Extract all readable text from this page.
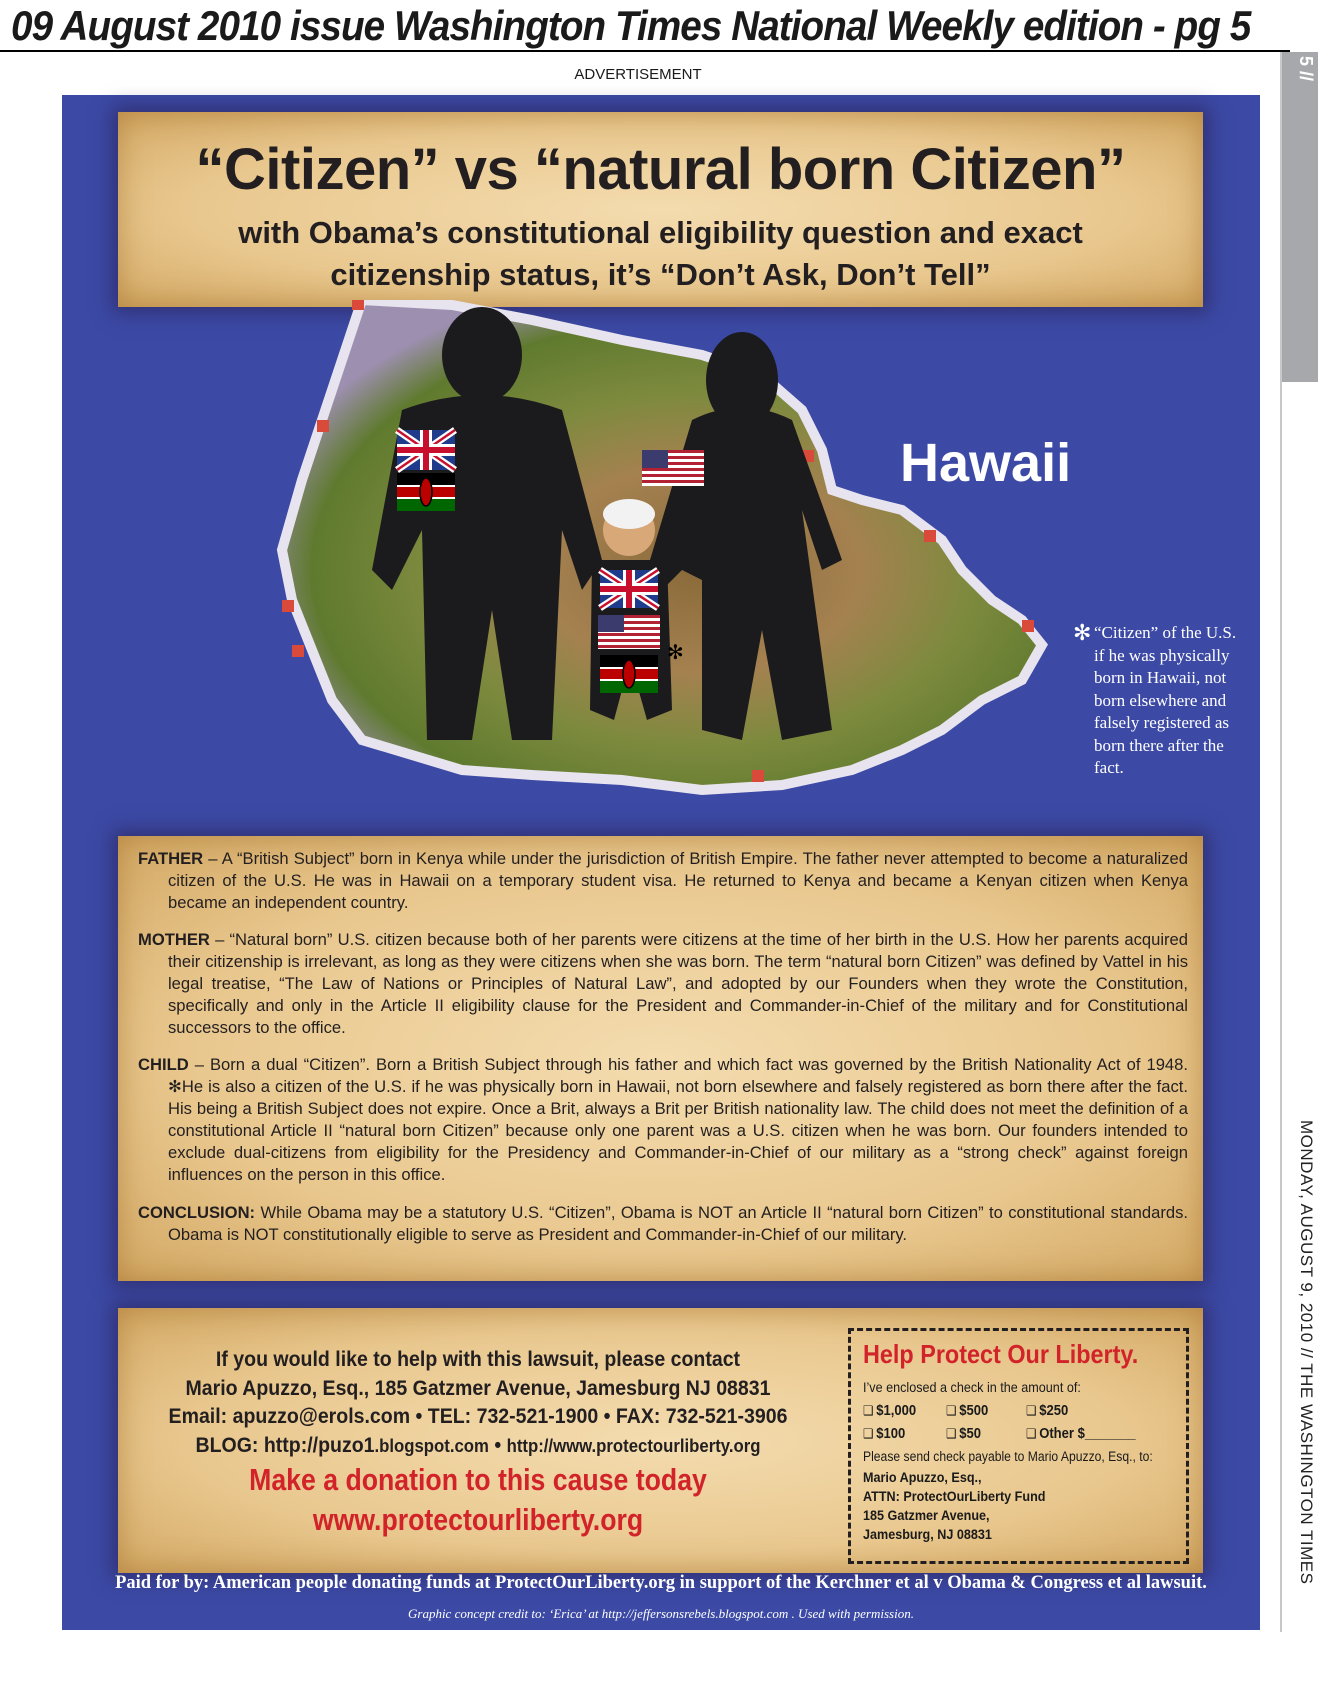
09 August 2010 issue Washington Times National Weekly edition - pg 5
5 //
MONDAY, AUGUST 9, 2010 // THE WASHINGTON TIMES
ADVERTISEMENT
“Citizen” vs “natural born Citizen”
with Obama’s constitutional eligibility question and exact citizenship status, it’s “Don’t Ask, Don’t Tell”
✻
Hawaii
✻ “Citizen” of the U.S. if he was physically born in Hawaii, not born elsewhere and falsely registered as born there after the fact.
FATHER – A “British Subject” born in Kenya while under the jurisdiction of British Empire. The father never attempted to become a naturalized citizen of the U.S. He was in Hawaii on a temporary student visa. He returned to Kenya and became a Kenyan citizen when Kenya became an independent country.
MOTHER – “Natural born” U.S. citizen because both of her parents were citizens at the time of her birth in the U.S. How her parents acquired their citizenship is irrelevant, as long as they were citizens when she was born. The term “natural born Citizen” was defined by Vattel in his legal treatise, “The Law of Nations or Principles of Natural Law”, and adopted by our Founders when they wrote the Constitution, specifically and only in the Article II eligibility clause for the President and Commander-in-Chief of the military and for Constitutional successors to the office.
CHILD – Born a dual “Citizen”. Born a British Subject through his father and which fact was governed by the British Nationality Act of 1948. ✻He is also a citizen of the U.S. if he was physically born in Hawaii, not born elsewhere and falsely registered as born there after the fact. His being a British Subject does not expire. Once a Brit, always a Brit per British nationality law. The child does not meet the definition of a constitutional Article II “natural born Citizen” because only one parent was a U.S. citizen when he was born. Our founders intended to exclude dual-citizens from eligibility for the Presidency and Commander-in-Chief of our military as a “strong check” against foreign influences on the person in this office.
CONCLUSION: While Obama may be a statutory U.S. “Citizen”, Obama is NOT an Article II “natural born Citizen” to constitutional standards. Obama is NOT constitutionally eligible to serve as President and Commander-in-Chief of our military.
If you would like to help with this lawsuit, please contact
Mario Apuzzo, Esq., 185 Gatzmer Avenue, Jamesburg NJ 08831
Email: apuzzo@erols.com • TEL: 732-521-1900 • FAX: 732-521-3906
BLOG: http://puzo1.blogspot.com • http://www.protectourliberty.org
Make a donation to this cause today
www.protectourliberty.org
Help Protect Our Liberty.
I’ve enclosed a check in the amount of:
❑ $1,000 ❑ $500	❑ $250
❑ $100	❑ $50	❑ Other $_______
Please send check payable to Mario Apuzzo, Esq., to:
Mario Apuzzo, Esq.,
ATTN: ProtectOurLiberty Fund
185 Gatzmer Avenue,
Jamesburg, NJ 08831
Paid for by: American people donating funds at ProtectOurLiberty.org in support of the Kerchner et al v Obama & Congress et al lawsuit.
Graphic concept credit to: ‘Erica’ at http://jeffersonsrebels.blogspot.com . Used with permission.
